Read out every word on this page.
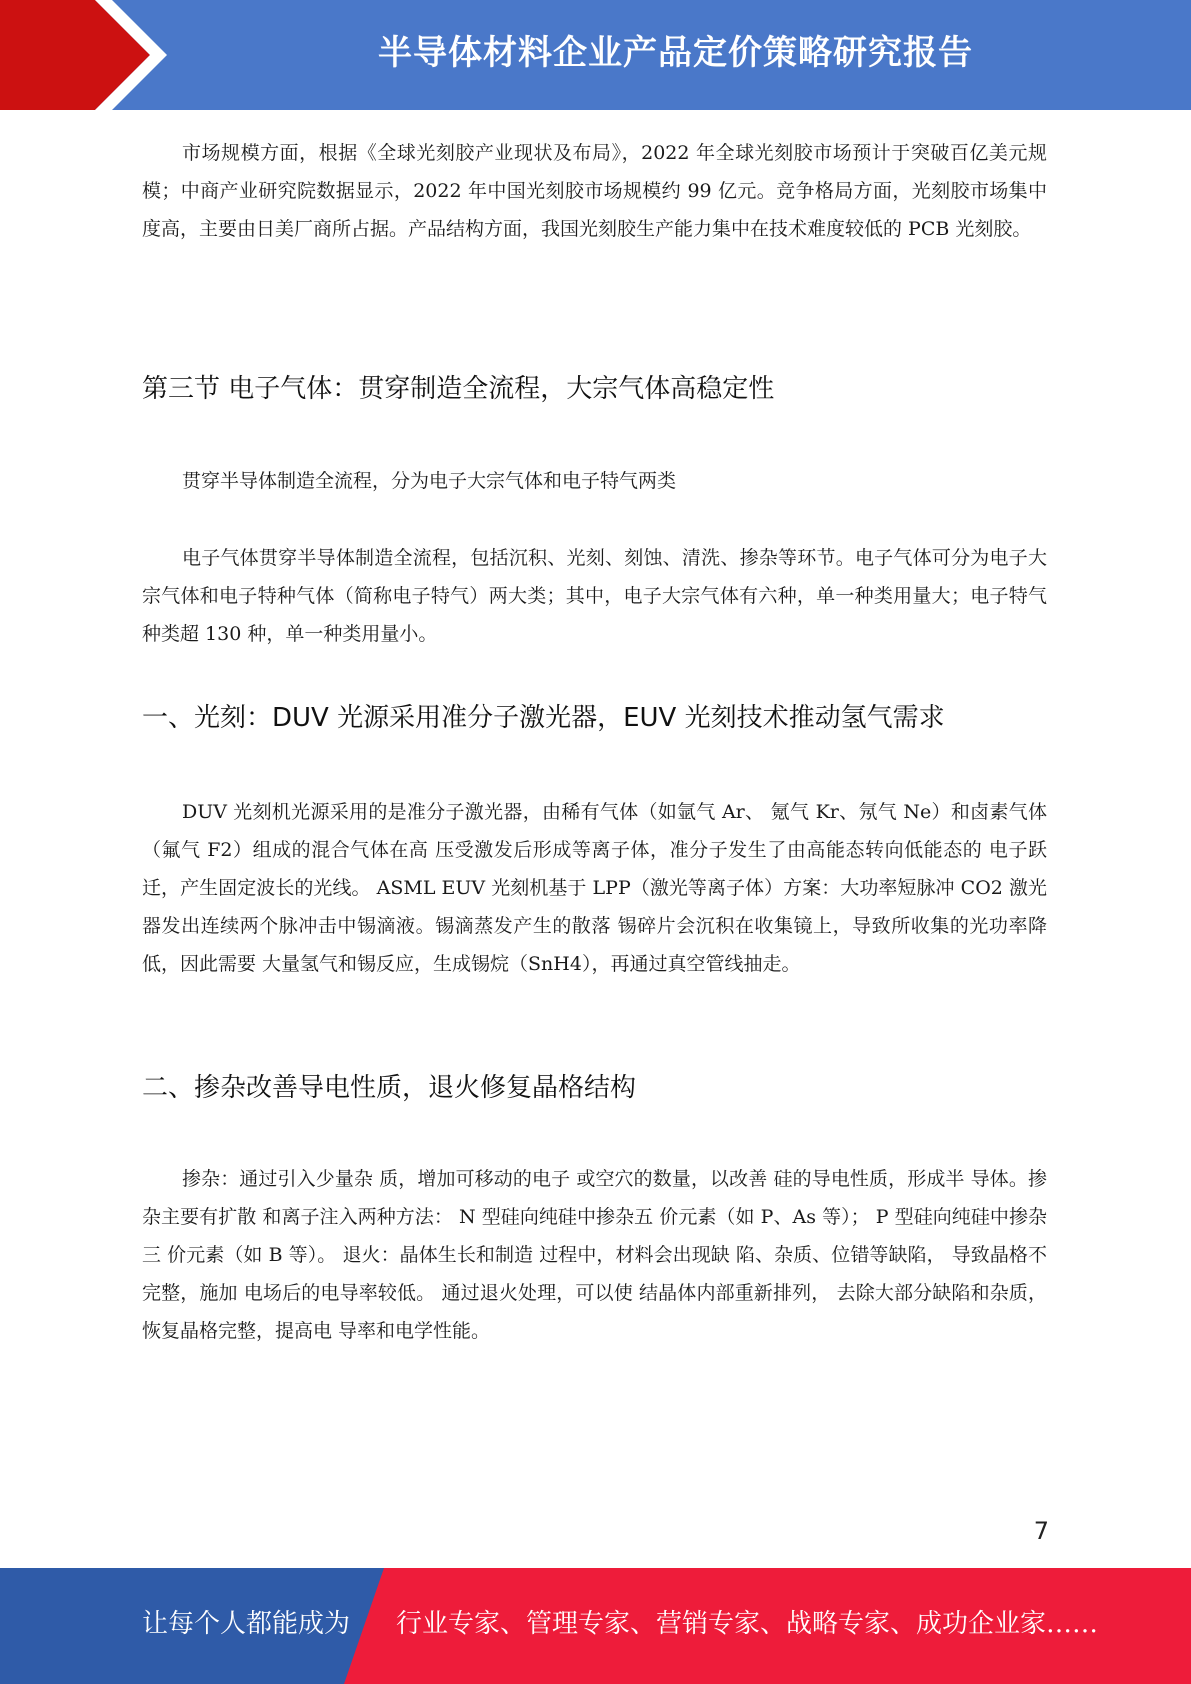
半导体材料企业产品定价策略研究报告

市场规模方面，根据《全球光刻胶产业现状及布局》，2022 年全球光刻胶市场预计于突破百亿美元规模；中商产业研究院数据显示，2022 年中国光刻胶市场规模约 99 亿元。竞争格局方面，光刻胶市场集中度高，主要由日美厂商所占据。产品结构方面，我国光刻胶生产能力集中在技术难度较低的 PCB 光刻胶。

第三节 电子气体：贯穿制造全流程，大宗气体高稳定性

贯穿半导体制造全流程，分为电子大宗气体和电子特气两类

电子气体贯穿半导体制造全流程，包括沉积、光刻、刻蚀、清洗、掺杂等环节。电子气体可分为电子大宗气体和电子特种气体（简称电子特气）两大类；其中，电子大宗气体有六种，单一种类用量大；电子特气种类超 130 种，单一种类用量小。

一、光刻：DUV 光源采用准分子激光器，EUV 光刻技术推动氢气需求

DUV 光刻机光源采用的是准分子激光器，由稀有气体（如氩气 Ar、 氪气 Kr、氖气 Ne）和卤素气体（氟气 F2）组成的混合气体在高 压受激发后形成等离子体，准分子发生了由高能态转向低能态的 电子跃迁，产生固定波长的光线。 ASML EUV 光刻机基于 LPP（激光等离子体）方案：大功率短脉冲 CO2 激光器发出连续两个脉冲击中锡滴液。锡滴蒸发产生的散落 锡碎片会沉积在收集镜上，导致所收集的光功率降低，因此需要 大量氢气和锡反应，生成锡烷（SnH4），再通过真空管线抽走。

二、掺杂改善导电性质，退火修复晶格结构

掺杂：通过引入少量杂 质，增加可移动的电子 或空穴的数量，以改善 硅的导电性质，形成半 导体。掺杂主要有扩散 和离子注入两种方法： N 型硅向纯硅中掺杂五 价元素（如 P、As 等）； P 型硅向纯硅中掺杂三 价元素（如 B 等）。 退火：晶体生长和制造 过程中，材料会出现缺 陷、杂质、位错等缺陷， 导致晶格不完整，施加 电场后的电导率较低。 通过退火处理，可以使 结晶体内部重新排列， 去除大部分缺陷和杂质， 恢复晶格完整，提高电 导率和电学性能。

7
让每个人都能成为 行业专家、管理专家、营销专家、战略专家、成功企业家……
